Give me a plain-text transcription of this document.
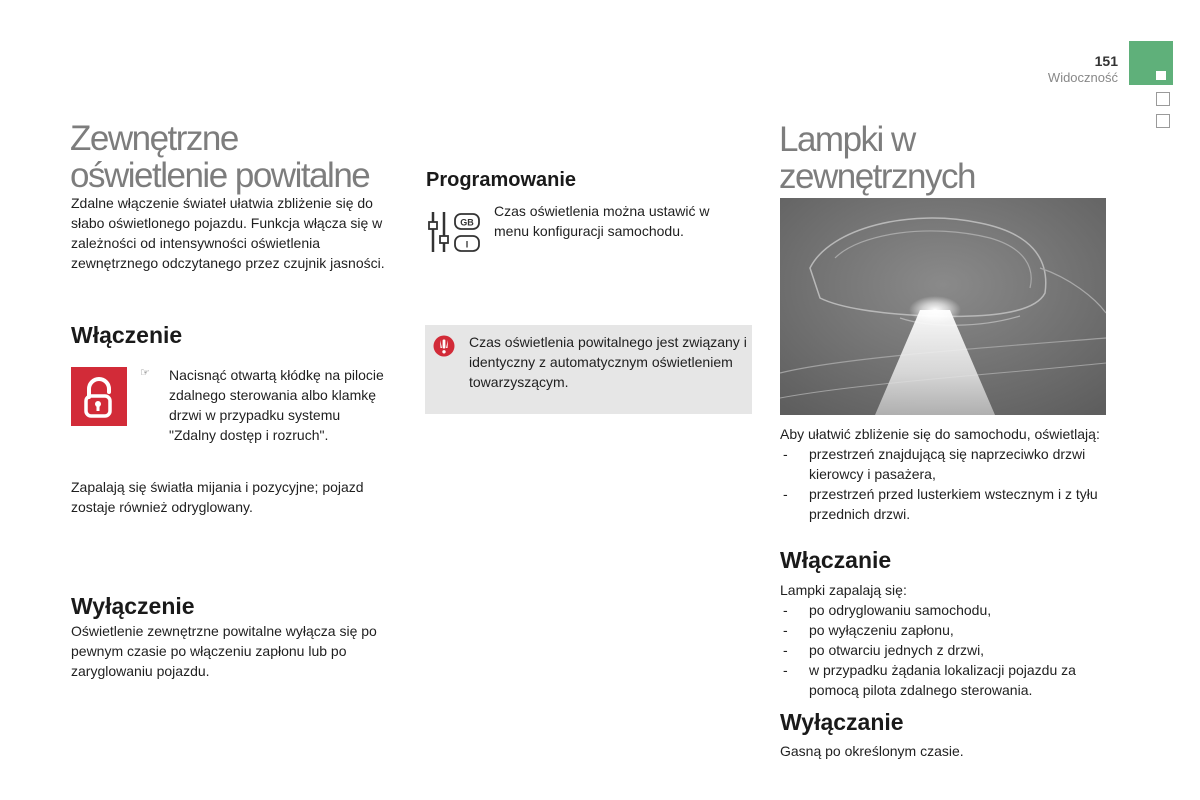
151
Widoczność
Zewnętrzne
oświetlenie powitalne
Zdalne włączenie świateł ułatwia zbliżenie się do słabo oświetlonego pojazdu. Funkcja włącza się w zależności od intensywności oświetlenia zewnętrznego odczytanego przez czujnik jasności.
Włączenie
☞ Nacisnąć otwartą kłódkę na pilocie zdalnego sterowania albo klamkę drzwi w przypadku systemu "Zdalny dostęp i rozruch".
Zapalają się światła mijania i pozycyjne; pojazd zostaje również odryglowany.
Wyłączenie
Oświetlenie zewnętrzne powitalne wyłącza się po pewnym czasie po włączeniu zapłonu lub po zaryglowaniu pojazdu.
Programowanie
GB
I
Czas oświetlenia można ustawić w menu konfiguracji samochodu.
Czas oświetlenia powitalnego jest związany i identyczny z automatycznym oświetleniem towarzyszącym.
Lampki w zewnętrznych
Aby ułatwić zbliżenie się do samochodu, oświetlają:
- przestrzeń znajdującą się naprzeciwko drzwi kierowcy i pasażera,
- przestrzeń przed lusterkiem wstecznym i z tyłu przednich drzwi.
Włączanie
Lampki zapalają się:
- po odryglowaniu samochodu,
- po wyłączeniu zapłonu,
- po otwarciu jednych z drzwi,
- w przypadku żądania lokalizacji pojazdu za pomocą pilota zdalnego sterowania.
Wyłączanie
Gasną po określonym czasie.
